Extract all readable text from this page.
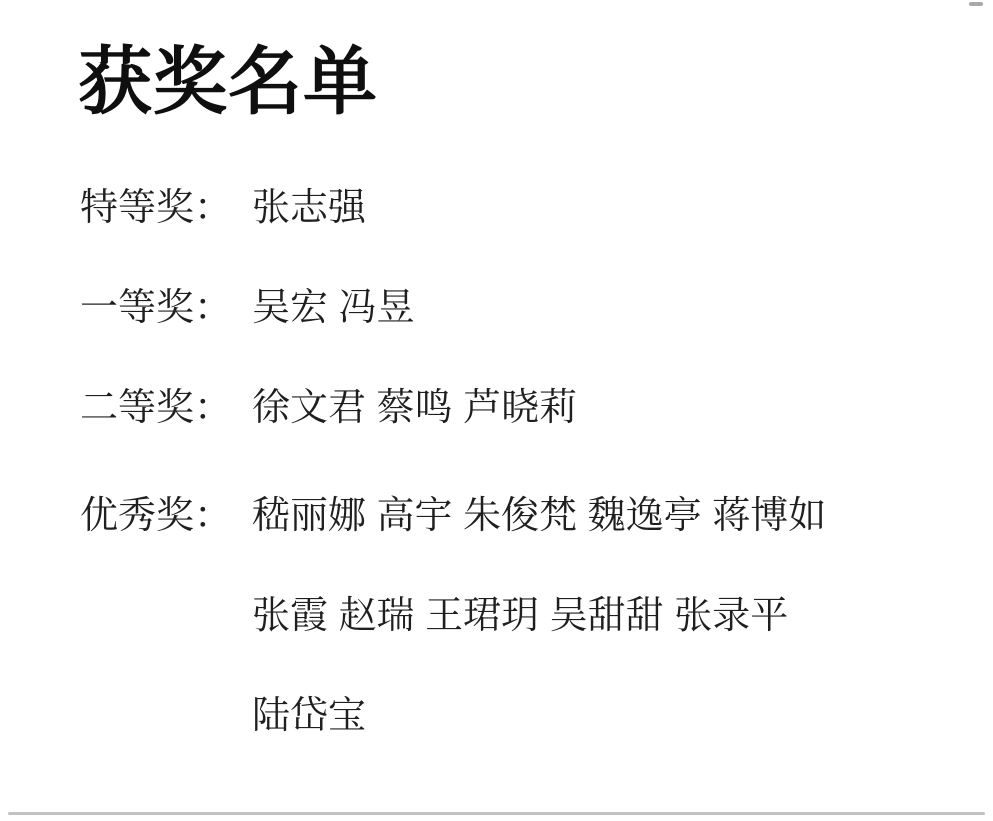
获奖名单
特等奖： 张志强
一等奖： 吴宏 冯昱
二等奖： 徐文君 蔡鸣 芦晓莉
优秀奖： 嵇丽娜 高宇 朱俊梵 魏逸亭 蒋博如
张霞 赵瑞 王珺玥 吴甜甜 张录平
陆岱宝
